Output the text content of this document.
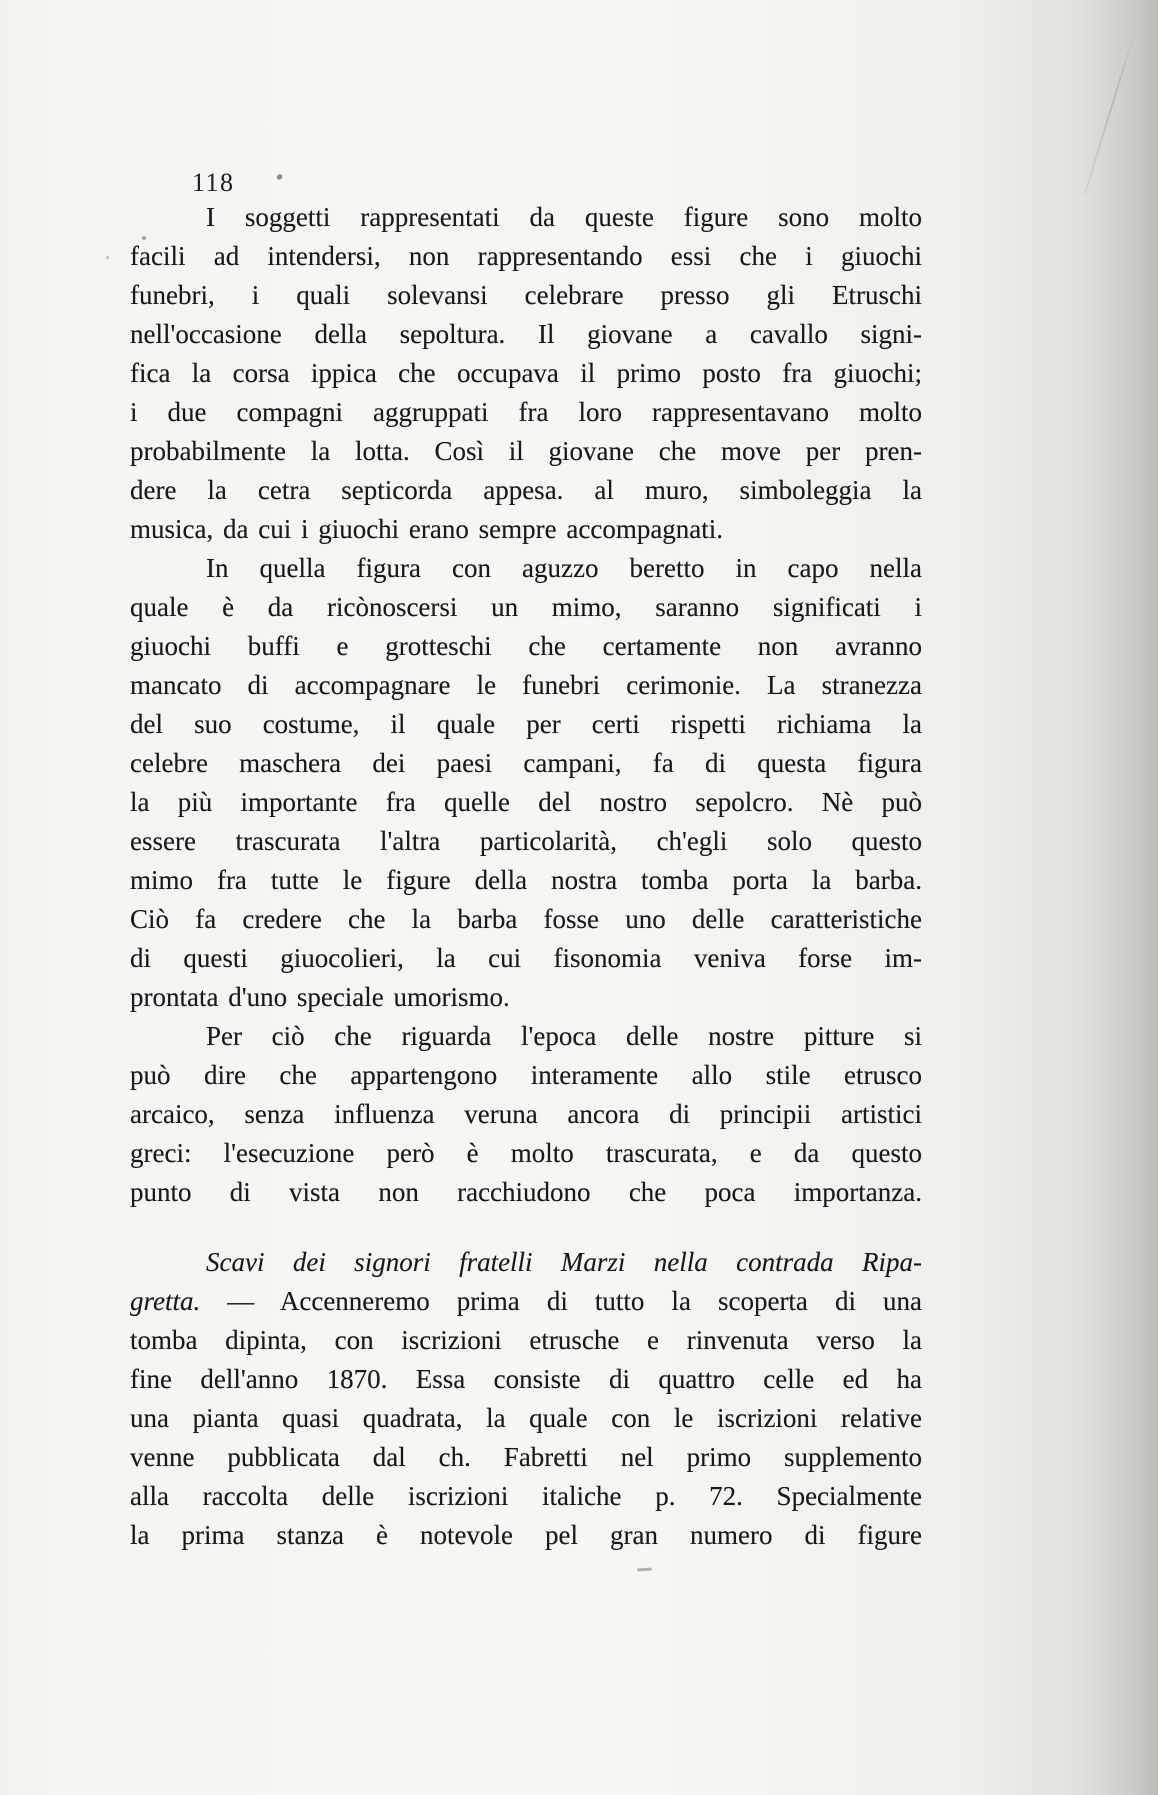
118
I soggetti rappresentati da queste figure sono molto
facili ad intendersi, non rappresentando essi che i giuochi
funebri, i quali solevansi celebrare presso gli Etruschi
nell'occasione della sepoltura. Il giovane a cavallo signi-
fica la corsa ippica che occupava il primo posto fra giuochi;
i due compagni aggruppati fra loro rappresentavano molto
probabilmente la lotta. Così il giovane che move per pren-
dere la cetra septicorda appesa. al muro, simboleggia la
musica, da cui i giuochi erano sempre accompagnati.
In quella figura con aguzzo beretto in capo nella
quale è da ricònoscersi un mimo, saranno significati i
giuochi buffi e grotteschi che certamente non avranno
mancato di accompagnare le funebri cerimonie. La stranezza
del suo costume, il quale per certi rispetti richiama la
celebre maschera dei paesi campani, fa di questa figura
la più importante fra quelle del nostro sepolcro. Nè può
essere trascurata l'altra particolarità, ch'egli solo questo
mimo fra tutte le figure della nostra tomba porta la barba.
Ciò fa credere che la barba fosse uno delle caratteristiche
di questi giuocolieri, la cui fisonomia veniva forse im-
prontata d'uno speciale umorismo.
Per ciò che riguarda l'epoca delle nostre pitture si
può dire che appartengono interamente allo stile etrusco
arcaico, senza influenza veruna ancora di principii artistici
greci: l'esecuzione però è molto trascurata, e da questo
punto di vista non racchiudono che poca importanza.
Scavi dei signori fratelli Marzi nella contrada Ripa-
gretta. — Accenneremo prima di tutto la scoperta di una
tomba dipinta, con iscrizioni etrusche e rinvenuta verso la
fine dell'anno 1870. Essa consiste di quattro celle ed ha
una pianta quasi quadrata, la quale con le iscrizioni relative
venne pubblicata dal ch. Fabretti nel primo supplemento
alla raccolta delle iscrizioni italiche p. 72. Specialmente
la prima stanza è notevole pel gran numero di figure
